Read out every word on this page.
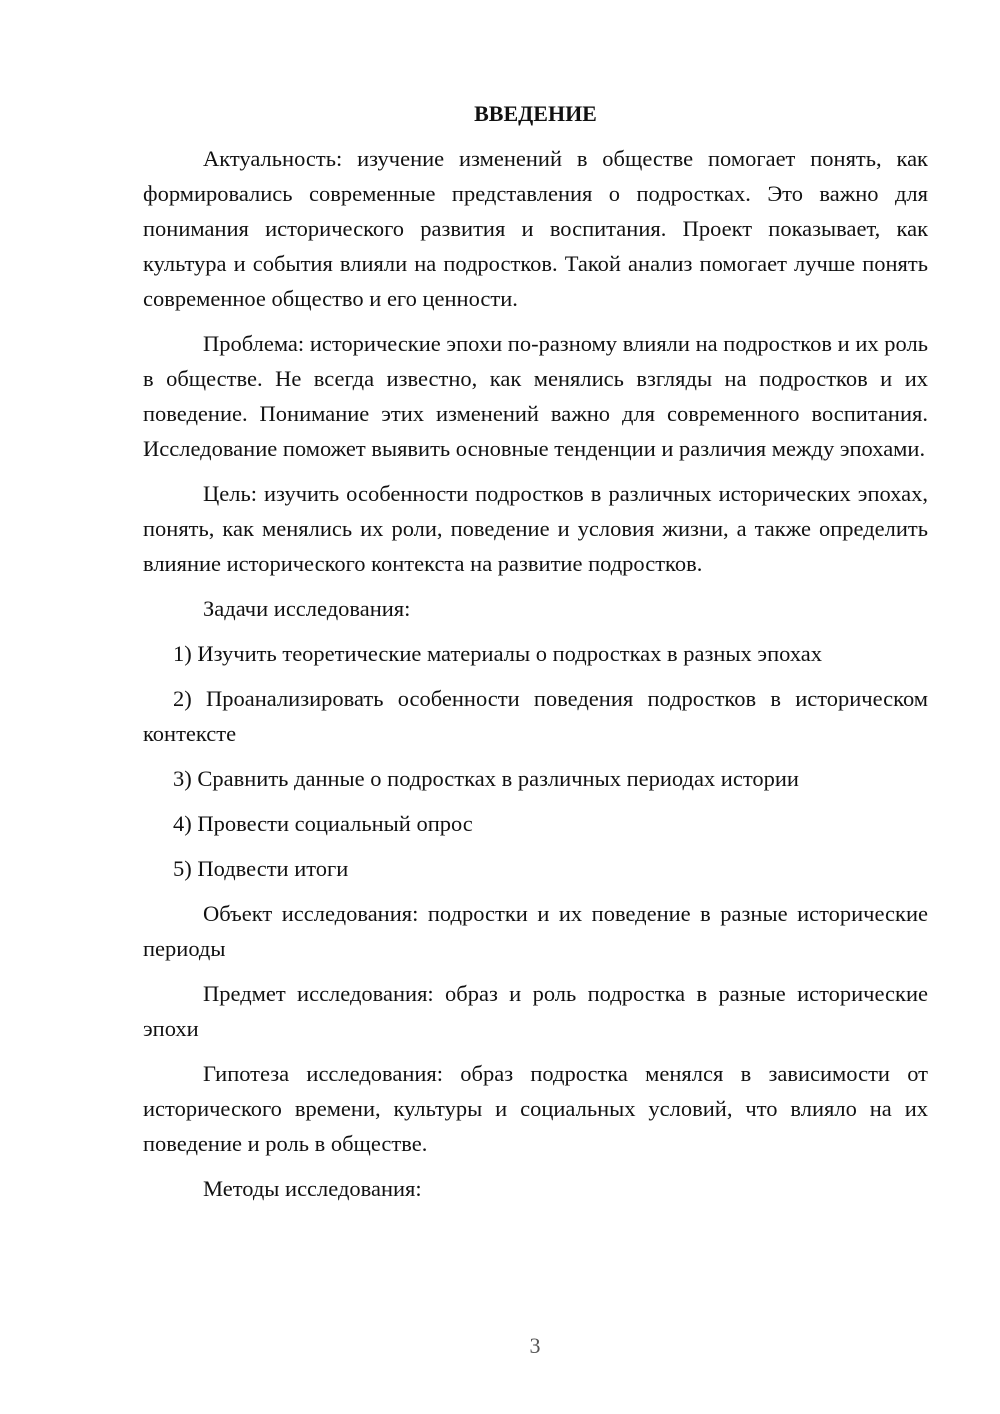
ВВЕДЕНИЕ

Актуальность: изучение изменений в обществе помогает понять, как формировались современные представления о подростках. Это важно для понимания исторического развития и воспитания. Проект показывает, как культура и события влияли на подростков. Такой анализ помогает лучше понять современное общество и его ценности.

Проблема: исторические эпохи по-разному влияли на подростков и их роль в обществе. Не всегда известно, как менялись взгляды на подростков и их поведение. Понимание этих изменений важно для современного воспитания. Исследование поможет выявить основные тенденции и различия между эпохами.

Цель: изучить особенности подростков в различных исторических эпохах, понять, как менялись их роли, поведение и условия жизни, а также определить влияние исторического контекста на развитие подростков.

Задачи исследования:

1) Изучить теоретические материалы о подростках в разных эпохах

2) Проанализировать особенности поведения подростков в историческом контексте

3) Сравнить данные о подростках в различных периодах истории

4) Провести социальный опрос

5) Подвести итоги

Объект исследования: подростки и их поведение в разные исторические периоды

Предмет исследования: образ и роль подростка в разные исторические эпохи

Гипотеза исследования: образ подростка менялся в зависимости от исторического времени, культуры и социальных условий, что влияло на их поведение и роль в обществе.

Методы исследования:

3
